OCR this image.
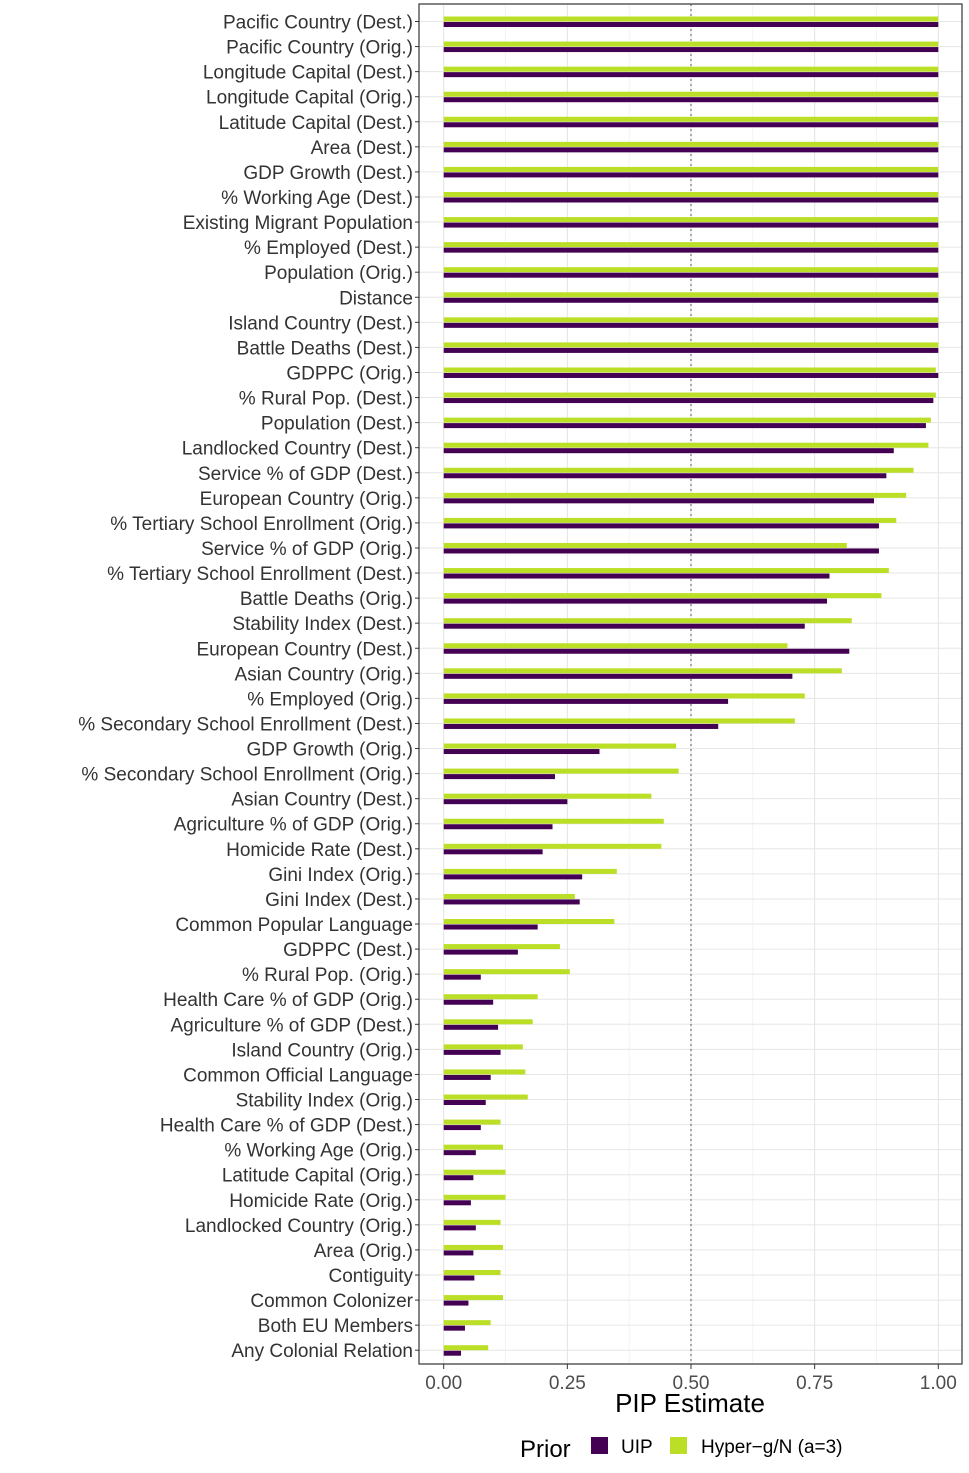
Pacific Country (Dest.)
Pacific Country (Orig.)
Longitude Capital (Dest.)
Longitude Capital (Orig.)
Latitude Capital (Dest.)
Area (Dest.)
GDP Growth (Dest.)
% Working Age (Dest.)
Existing Migrant Population
% Employed (Dest.)
Population (Orig.)
Distance
Island Country (Dest.)
Battle Deaths (Dest.)
GDPPC (Orig.)
% Rural Pop. (Dest.)
Population (Dest.)
Landlocked Country (Dest.)
Service % of GDP (Dest.)
European Country (Orig.)
% Tertiary School Enrollment (Orig.)
Service % of GDP (Orig.)
% Tertiary School Enrollment (Dest.)
Battle Deaths (Orig.)
Stability Index (Dest.)
European Country (Dest.)
Asian Country (Orig.)
% Employed (Orig.)
% Secondary School Enrollment (Dest.)
GDP Growth (Orig.)
% Secondary School Enrollment (Orig.)
Asian Country (Dest.)
Agriculture % of GDP (Orig.)
Homicide Rate (Dest.)
Gini Index (Orig.)
Gini Index (Dest.)
Common Popular Language
GDPPC (Dest.)
% Rural Pop. (Orig.)
Health Care % of GDP (Orig.)
Agriculture % of GDP (Dest.)
Island Country (Orig.)
Common Official Language
Stability Index (Orig.)
Health Care % of GDP (Dest.)
% Working Age (Orig.)
Latitude Capital (Orig.)
Homicide Rate (Orig.)
Landlocked Country (Orig.)
Area (Orig.)
Contiguity
Common Colonizer
Both EU Members
Any Colonial Relation
0.00	0.25	0.50	0.75	1.00
PIP Estimate
Prior	UIP	Hyper−g/N (a=3)
